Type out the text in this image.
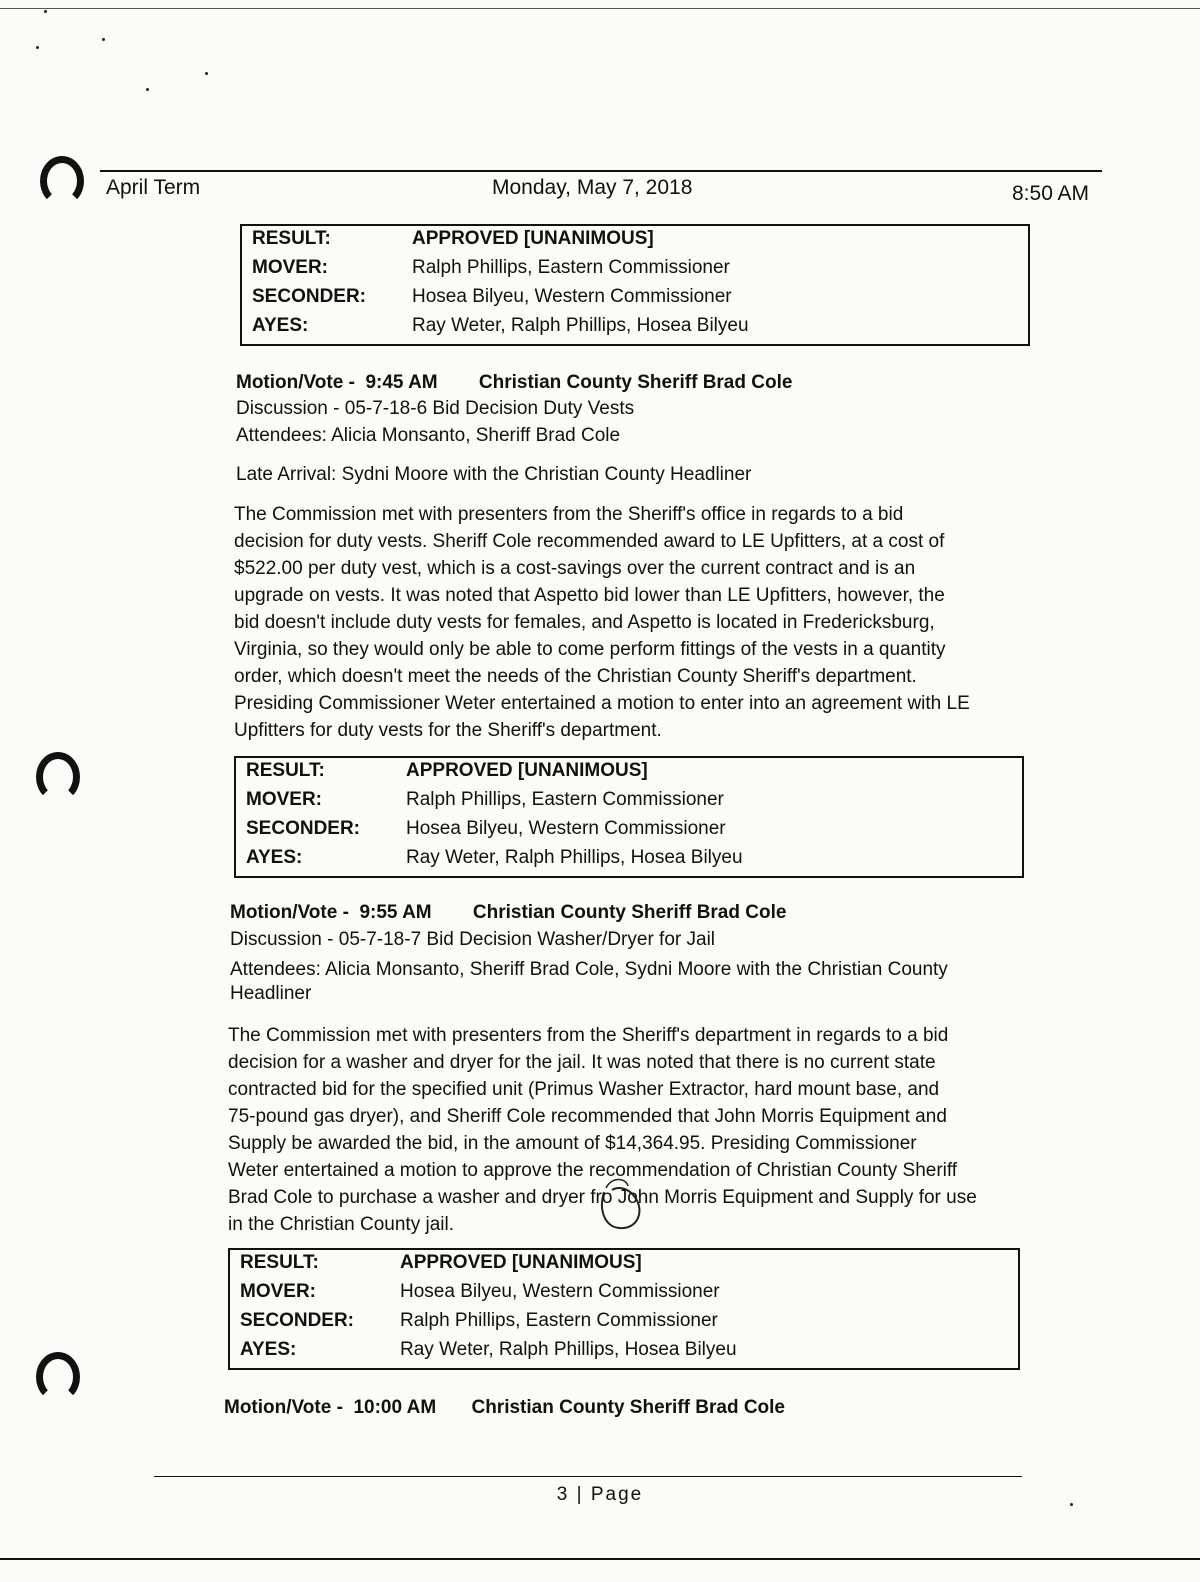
April Term	Monday, May 7, 2018	8:50 AM
RESULT:	APPROVED [UNANIMOUS]
MOVER:	Ralph Phillips, Eastern Commissioner
SECONDER: Hosea Bilyeu, Western Commissioner
AYES:	Ray Weter, Ralph Phillips, Hosea Bilyeu
Motion/Vote - 9:45 AM Christian County Sheriff Brad Cole
Discussion - 05-7-18-6 Bid Decision Duty Vests
Attendees: Alicia Monsanto, Sheriff Brad Cole
Late Arrival: Sydni Moore with the Christian County Headliner
The Commission met with presenters from the Sheriff's office in regards to a bid
decision for duty vests. Sheriff Cole recommended award to LE Upfitters, at a cost of
$522.00 per duty vest, which is a cost-savings over the current contract and is an
upgrade on vests. It was noted that Aspetto bid lower than LE Upfitters, however, the
bid doesn't include duty vests for females, and Aspetto is located in Fredericksburg,
Virginia, so they would only be able to come perform fittings of the vests in a quantity
order, which doesn't meet the needs of the Christian County Sheriff's department.
Presiding Commissioner Weter entertained a motion to enter into an agreement with LE
Upfitters for duty vests for the Sheriff's department.
RESULT:	APPROVED [UNANIMOUS]
MOVER:	Ralph Phillips, Eastern Commissioner
SECONDER: Hosea Bilyeu, Western Commissioner
AYES:	Ray Weter, Ralph Phillips, Hosea Bilyeu
Motion/Vote - 9:55 AM Christian County Sheriff Brad Cole
Discussion - 05-7-18-7 Bid Decision Washer/Dryer for Jail
Attendees: Alicia Monsanto, Sheriff Brad Cole, Sydni Moore with the Christian County
Headliner
The Commission met with presenters from the Sheriff's department in regards to a bid
decision for a washer and dryer for the jail. It was noted that there is no current state
contracted bid for the specified unit (Primus Washer Extractor, hard mount base, and
75-pound gas dryer), and Sheriff Cole recommended that John Morris Equipment and
Supply be awarded the bid, in the amount of $14,364.95. Presiding Commissioner
Weter entertained a motion to approve the recommendation of Christian County Sheriff
Brad Cole to purchase a washer and dryer fro John Morris Equipment and Supply for use
in the Christian County jail.
RESULT:	APPROVED [UNANIMOUS]
MOVER:	Hosea Bilyeu, Western Commissioner
SECONDER: Ralph Phillips, Eastern Commissioner
AYES:	Ray Weter, Ralph Phillips, Hosea Bilyeu
Motion/Vote - 10:00 AM Christian County Sheriff Brad Cole
3 | Page
